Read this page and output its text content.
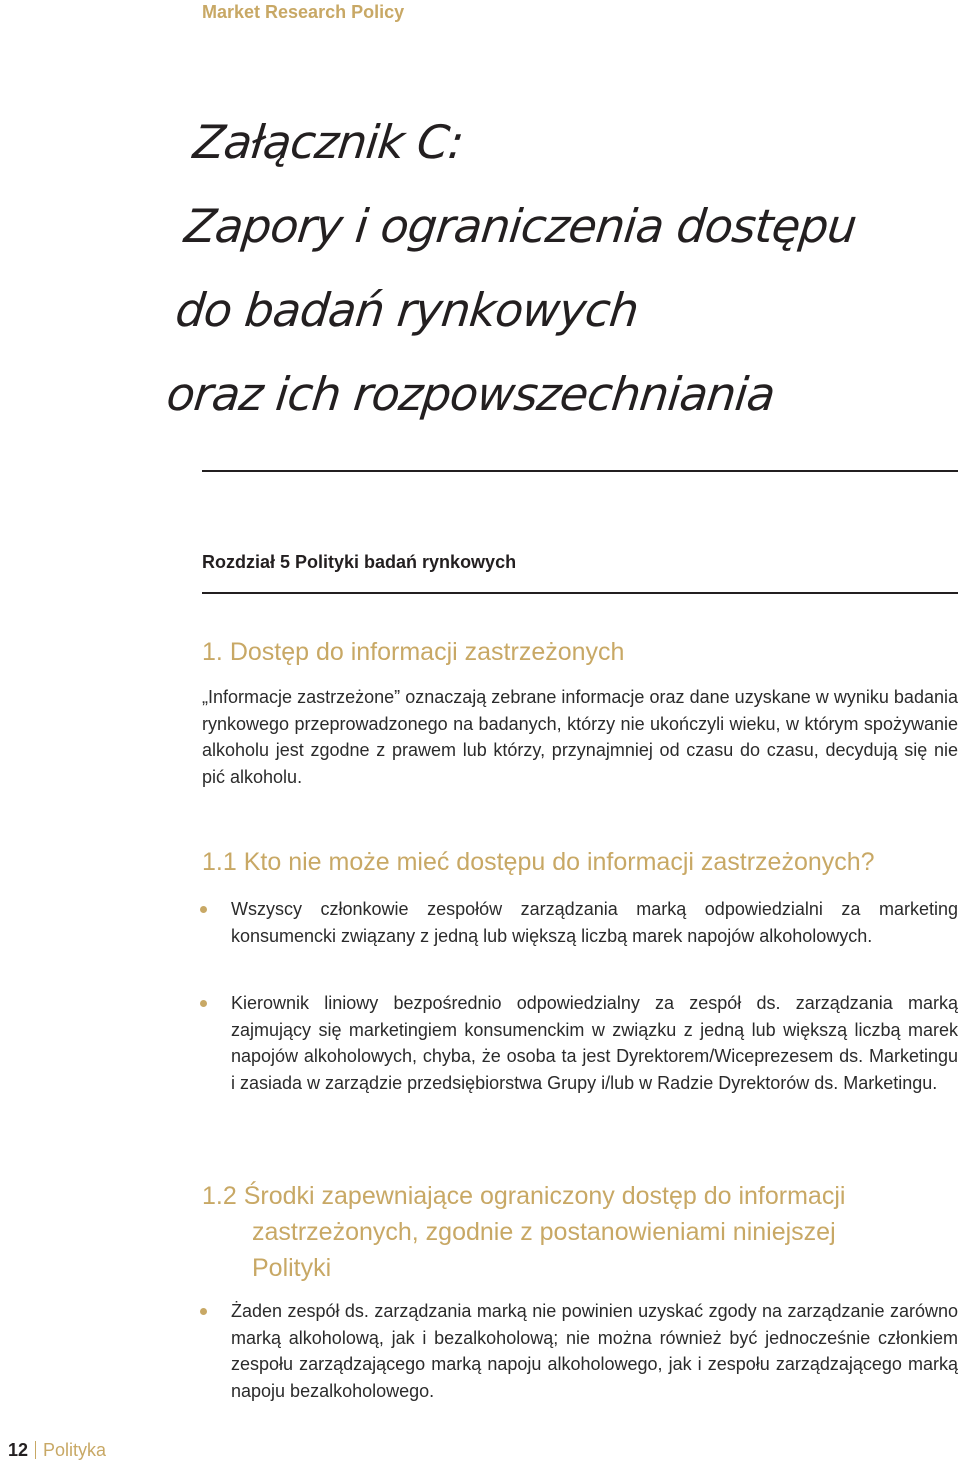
Market Research Policy
Załącznik C:
Zapory i ograniczenia dostępu
do badań rynkowych
oraz ich rozpowszechniania
Rozdział 5 Polityki badań rynkowych
1. Dostęp do informacji zastrzeżonych
„Informacje zastrzeżone” oznaczają zebrane informacje oraz dane uzyskane w wyniku badania rynkowego przeprowadzonego na badanych, którzy nie ukończyli wieku, w którym spożywanie alkoholu jest zgodne z prawem lub którzy, przynajmniej od czasu do czasu, decydują się nie pić alkoholu.
1.1 Kto nie może mieć dostępu do informacji zastrzeżonych?
Wszyscy członkowie zespołów zarządzania marką odpowiedzialni za marketing konsumencki związany z jedną lub większą liczbą marek napojów alkoholowych.
Kierownik liniowy bezpośrednio odpowiedzialny za zespół ds. zarządzania marką zajmujący się marketingiem konsumenckim w związku z jedną lub większą liczbą marek napojów alkoholowych, chyba, że osoba ta jest Dyrektorem/Wiceprezesem ds. Marketingu i zasiada w zarządzie przedsiębiorstwa Grupy i/lub w Radzie Dyrektorów ds. Marketingu.
1.2 Środki zapewniające ograniczony dostęp do informacji
zastrzeżonych, zgodnie z postanowieniami niniejszej
Polityki
Żaden zespół ds. zarządzania marką nie powinien uzyskać zgody na zarządzanie zarówno marką alkoholową, jak i bezalkoholową; nie można również być jednocześnie członkiem zespołu zarządzającego marką napoju alkoholowego, jak i zespołu zarządzającego marką napoju bezalkoholowego.
12 Polityka
